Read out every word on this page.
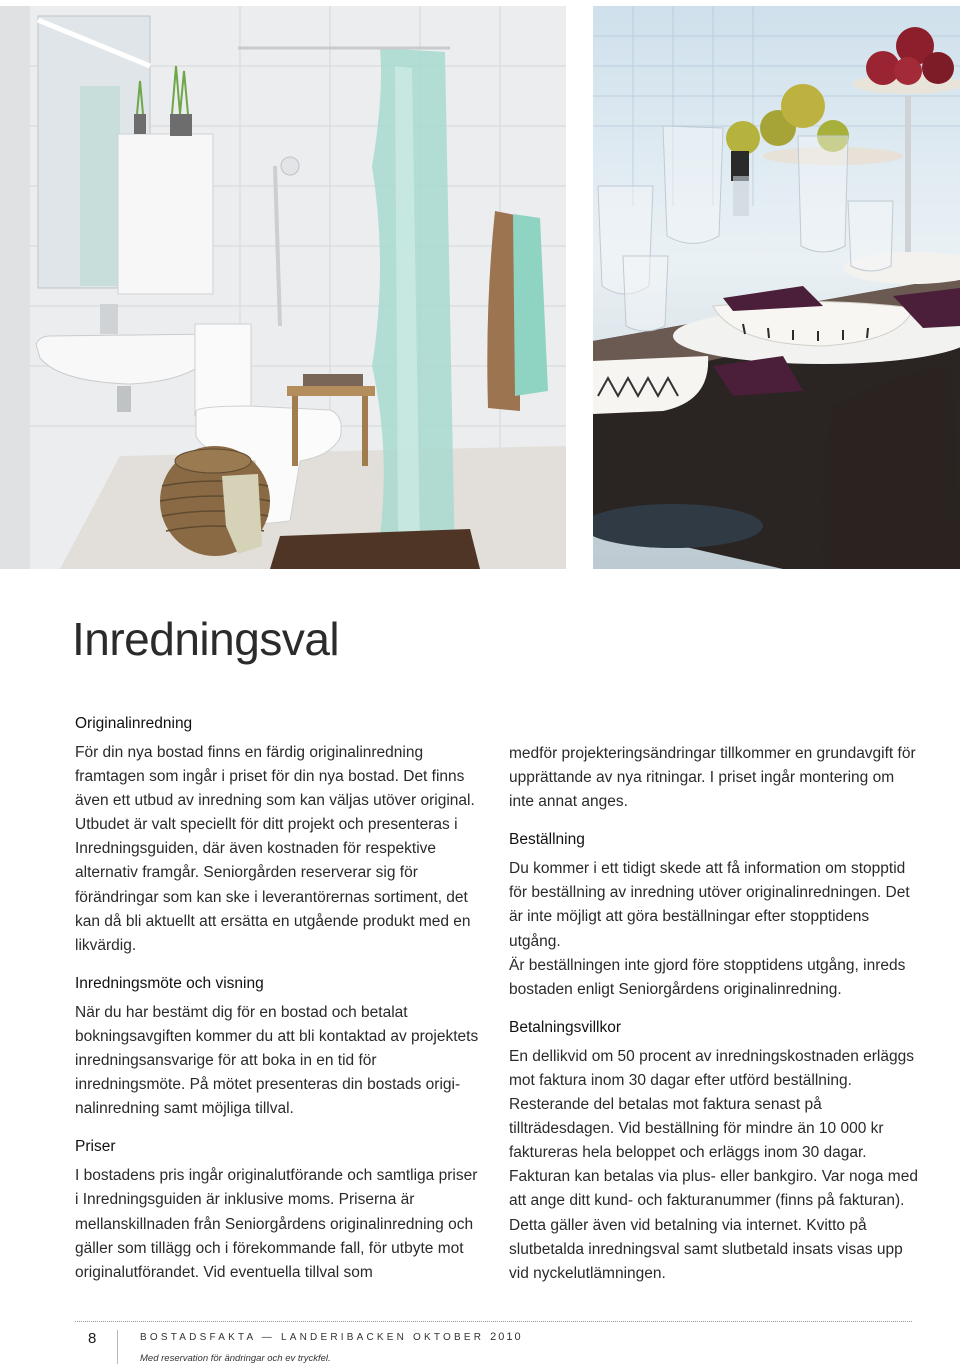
Inredningsval
Originalinredning

För din nya bostad finns en färdig originalinredning framtagen som ingår i priset för din nya bostad. Det finns även ett utbud av inredning som kan väljas utöver original. Utbudet är valt speciellt för ditt projekt och presenteras i Inredningsguiden, där även kostnaden för respektive alternativ framgår. Seniorgården reserverar sig för förändringar som kan ske i leverantörernas sortiment, det kan då bli aktuellt att ersätta en utgående produkt med en likvärdig.

Inredningsmöte och visning

När du har bestämt dig för en bostad och betalat bokningsavgiften kommer du att bli kontaktad av projektets inredningsansvarige för att boka in en tid för inredningsmöte. På mötet presenteras din bostads originalinredning samt möjliga tillval.

Priser

I bostadens pris ingår originalutförande och samtliga priser i Inredningsguiden är inklusive moms. Priserna är mellanskillnaden från Seniorgårdens originalinredning och gäller som tillägg och i förekommande fall, för utbyte mot originalutförandet. Vid eventuella tillval som

medför projekteringsändringar tillkommer en grundavgift för upprättande av nya ritningar. I priset ingår montering om inte annat anges.

Beställning

Du kommer i ett tidigt skede att få information om stopptid för beställning av inredning utöver originalinredningen. Det är inte möjligt att göra beställningar efter stopptidens utgång.

Är beställningen inte gjord före stopptidens utgång, inreds bostaden enligt Seniorgårdens originalinredning.

Betalningsvillkor

En dellikvid om 50 procent av inredningskostnaden erläggs mot faktura inom 30 dagar efter utförd beställning. Resterande del betalas mot faktura senast på tillträdesdagen. Vid beställning för mindre än 10 000 kr faktureras hela beloppet och erläggs inom 30 dagar. Fakturan kan betalas via plus- eller bankgiro. Var noga med att ange ditt kund- och fakturanummer (finns på fakturan). Detta gäller även vid betalning via internet. Kvitto på slutbetalda inredningsval samt slutbetald insats visas upp vid nyckelutlämningen.

8	BOSTADSFAKTA — LANDERIBACKEN OKTOBER 2010
Med reservation för ändringar och ev tryckfel.
